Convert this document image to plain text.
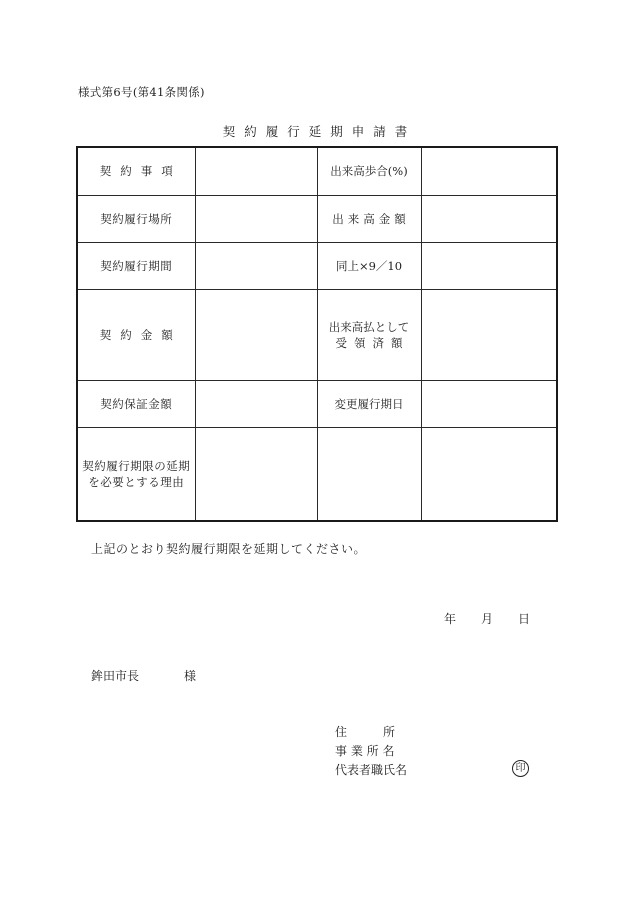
様式第6号(第41条関係)
契約履行延期申請書
契約事項		出来高歩合(%)	
契約履行場所		出来高金額	
契約履行期間		同上×9／10	
契約金額		出来高払として
受領済額	

契約保証金額		変更履行期日	

契約履行期限の延期
を必要とする理由			

上記のとおり契約履行期限を延期してください。
年 月 日
鉾田市長	様
住　　　所
事 業 所 名
代表者職氏名	印
